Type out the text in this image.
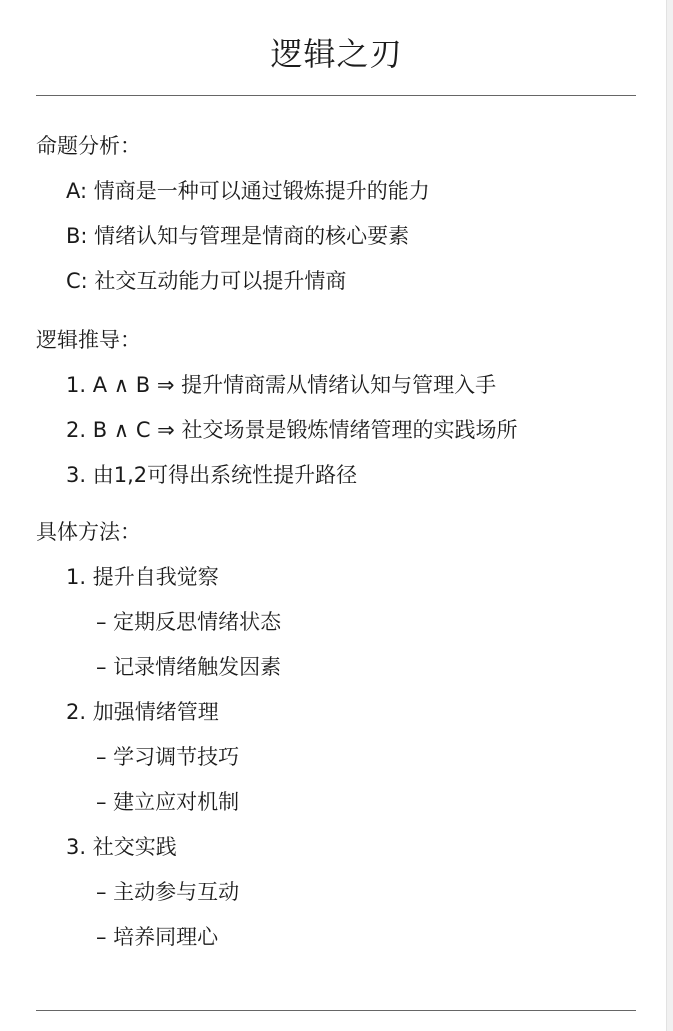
逻辑之刃
命题分析：
A: 情商是一种可以通过锻炼提升的能力
B: 情绪认知与管理是情商的核心要素
C: 社交互动能力可以提升情商
逻辑推导：
1. A ∧ B ⇒ 提升情商需从情绪认知与管理入手
2. B ∧ C ⇒ 社交场景是锻炼情绪管理的实践场所
3. 由1,2可得出系统性提升路径
具体方法：
1. 提升自我觉察
– 定期反思情绪状态
– 记录情绪触发因素
2. 加强情绪管理
– 学习调节技巧
– 建立应对机制
3. 社交实践
– 主动参与互动
– 培养同理心
